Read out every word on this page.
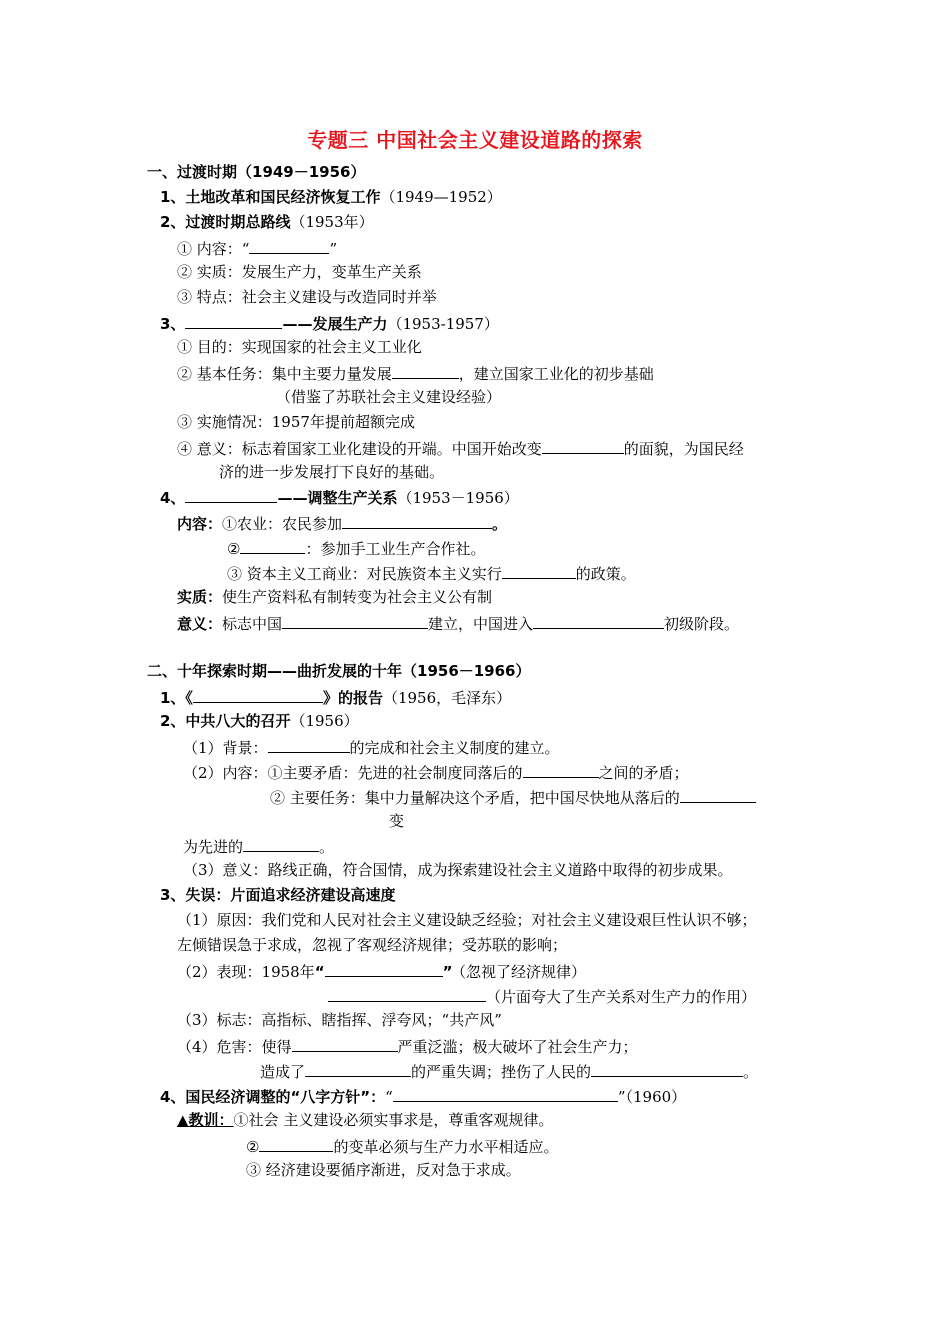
专题三 中国社会主义建设道路的探索
一、过渡时期（1949－1956）
1、土地改革和国民经济恢复工作（1949—1952）
2、过渡时期总路线（1953年）
① 内容：“	”
② 实质：发展生产力，变革生产关系
③ 特点：社会主义建设与改造同时并举
3、	——发展生产力（1953-1957）
① 目的：实现国家的社会主义工业化
② 基本任务：集中主要力量发展	，建立国家工业化的初步基础
（借鉴了苏联社会主义建设经验）
③ 实施情况：1957年提前超额完成
④ 意义：标志着国家工业化建设的开端。中国开始改变	的面貌，为国民经
济的进一步发展打下良好的基础。
4、	——调整生产关系（1953－1956）
内容：①农业：农民参加	。
②	：参加手工业生产合作社。
③ 资本主义工商业：对民族资本主义实行	的政策。
实质：使生产资料私有制转变为社会主义公有制
意义：标志中国	建立，中国进入	初级阶段。
二、十年探索时期——曲折发展的十年（1956－1966）
1、《	》的报告（1956，毛泽东）
2、中共八大的召开（1956）
（1）背景：	的完成和社会主义制度的建立。
（2）内容：①主要矛盾：先进的社会制度同落后的	之间的矛盾；
② 主要任务：集中力量解决这个矛盾，把中国尽快地从落后的
变
为先进的	。
（3）意义：路线正确，符合国情，成为探索建设社会主义道路中取得的初步成果。
3、失误：片面追求经济建设高速度
（1）原因：我们党和人民对社会主义建设缺乏经验；对社会主义建设艰巨性认识不够；
左倾错误急于求成，忽视了客观经济规律；受苏联的影响；
（2）表现：1958年“	” （忽视了经济规律）
（片面夸大了生产关系对生产力的作用）
（3）标志：高指标、瞎指挥、浮夸风；“共产风”
（4）危害：使得	严重泛滥；极大破坏了社会生产力；
造成了	的严重失调；挫伤了人民的	。
4、国民经济调整的“八字方针”：“	”（1960）
▲教训：①社会 主义建设必须实事求是，尊重客观规律。
②	的变革必须与生产力水平相适应。
③ 经济建设要循序渐进，反对急于求成。
